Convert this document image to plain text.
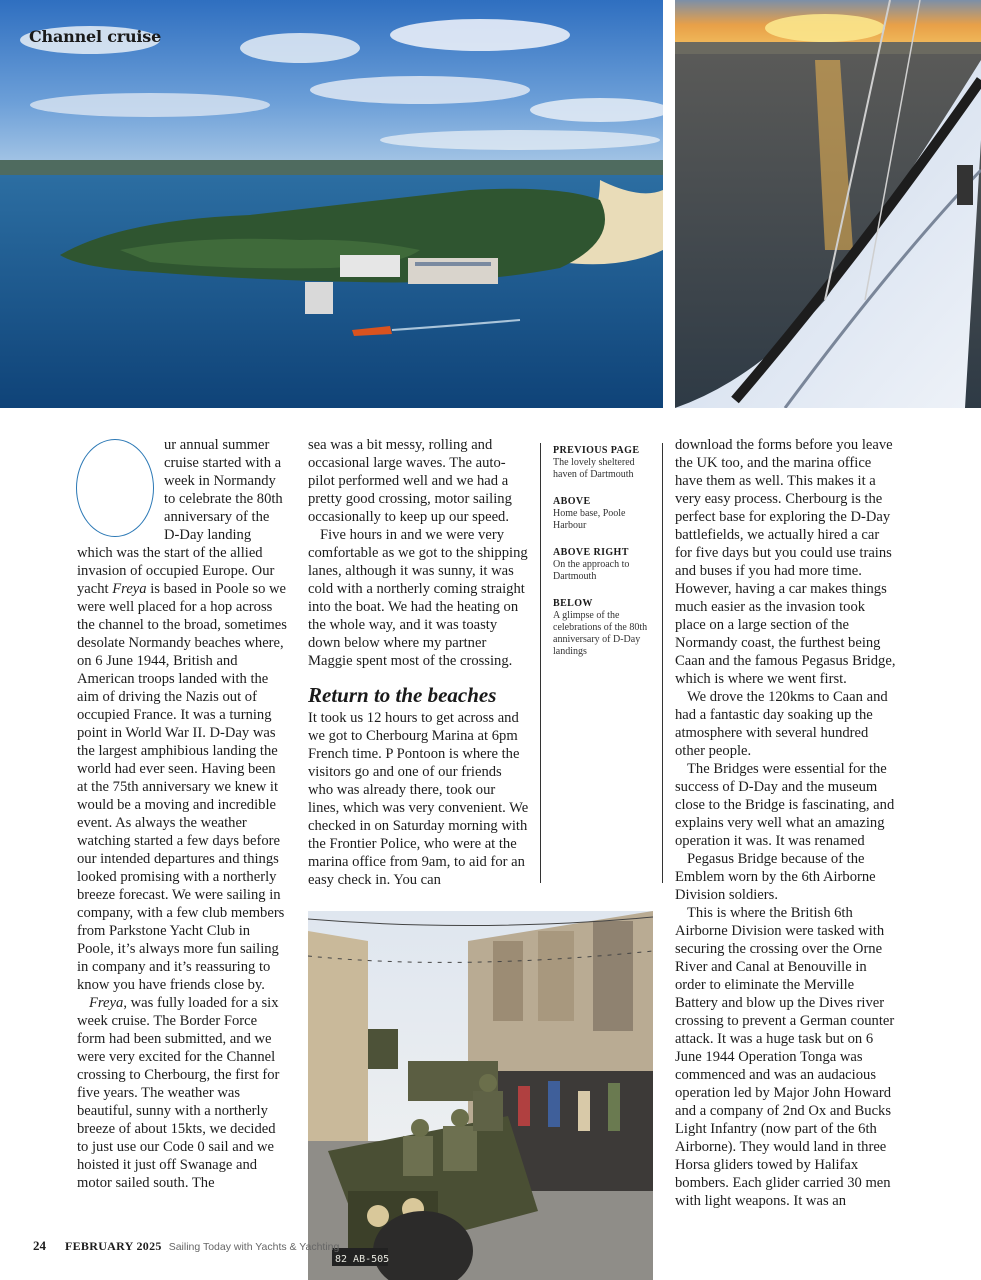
Channel cruise

ur annual summer cruise started with a week in Normandy to celebrate the 80th anniversary of the D-Day landing which was the start of the allied invasion of occupied Europe. Our yacht Freya is based in Poole so we were well placed for a hop across the channel to the broad, sometimes desolate Normandy beaches where, on 6 June 1944, British and American troops landed with the aim of driving the Nazis out of occupied France. It was a turning point in World War II. D-Day was the largest amphibious landing the world had ever seen. Having been at the 75th anniversary we knew it would be a moving and incredible event. As always the weather watching started a few days before our intended departures and things looked promising with a northerly breeze forecast. We were sailing in company, with a few club members from Parkstone Yacht Club in Poole, it’s always more fun sailing in company and it’s reassuring to know you have friends close by.

Freya, was fully loaded for a six week cruise. The Border Force form had been submitted, and we were very excited for the Channel crossing to Cherbourg, the first for five years. The weather was beautiful, sunny with a northerly breeze of about 15kts, we decided to just use our Code 0 sail and we hoisted it just off Swanage and motor sailed south. The

sea was a bit messy, rolling and occasional large waves. The auto-pilot performed well and we had a pretty good crossing, motor sailing occasionally to keep up our speed.

Five hours in and we were very comfortable as we got to the shipping lanes, although it was sunny, it was cold with a northerly coming straight into the boat. We had the heating on the whole way, and it was toasty down below where my partner Maggie spent most of the crossing.

Return to the beaches

It took us 12 hours to get across and we got to Cherbourg Marina at 6pm French time. P Pontoon is where the visitors go and one of our friends who was already there, took our lines, which was very convenient. We checked in on Saturday morning with the Frontier Police, who were at the marina office from 9am, to aid for an easy check in. You can

PREVIOUS PAGE
The lovely sheltered haven of Dartmouth
ABOVE
Home base, Poole Harbour
ABOVE RIGHT
On the approach to Dartmouth
BELOW
A glimpse of the celebrations of the 80th anniversary of D-Day landings

download the forms before you leave the UK too, and the marina office have them as well. This makes it a very easy process. Cherbourg is the perfect base for exploring the D-Day battlefields, we actually hired a car for five days but you could use trains and buses if you had more time. However, having a car makes things much easier as the invasion took place on a large section of the Normandy coast, the furthest being Caan and the famous Pegasus Bridge, which is where we went first.

We drove the 120kms to Caan and had a fantastic day soaking up the atmosphere with several hundred other people.

The Bridges were essential for the success of D-Day and the museum close to the Bridge is fascinating, and explains very well what an amazing operation it was. It was renamed

Pegasus Bridge because of the Emblem worn by the 6th Airborne Division soldiers.

This is where the British 6th Airborne Division were tasked with securing the crossing over the Orne River and Canal at Benouville in order to eliminate the Merville Battery and blow up the Dives river crossing to prevent a German counter attack. It was a huge task but on 6 June 1944 Operation Tonga was commenced and was an audacious operation led by Major John Howard and a company of 2nd Ox and Bucks Light Infantry (now part of the 6th Airborne). They would land in three Horsa gliders towed by Halifax bombers. Each glider carried 30 men with light weapons. It was an

82 AB-505
24 FEBRUARY 2025 Sailing Today with Yachts & Yachting
